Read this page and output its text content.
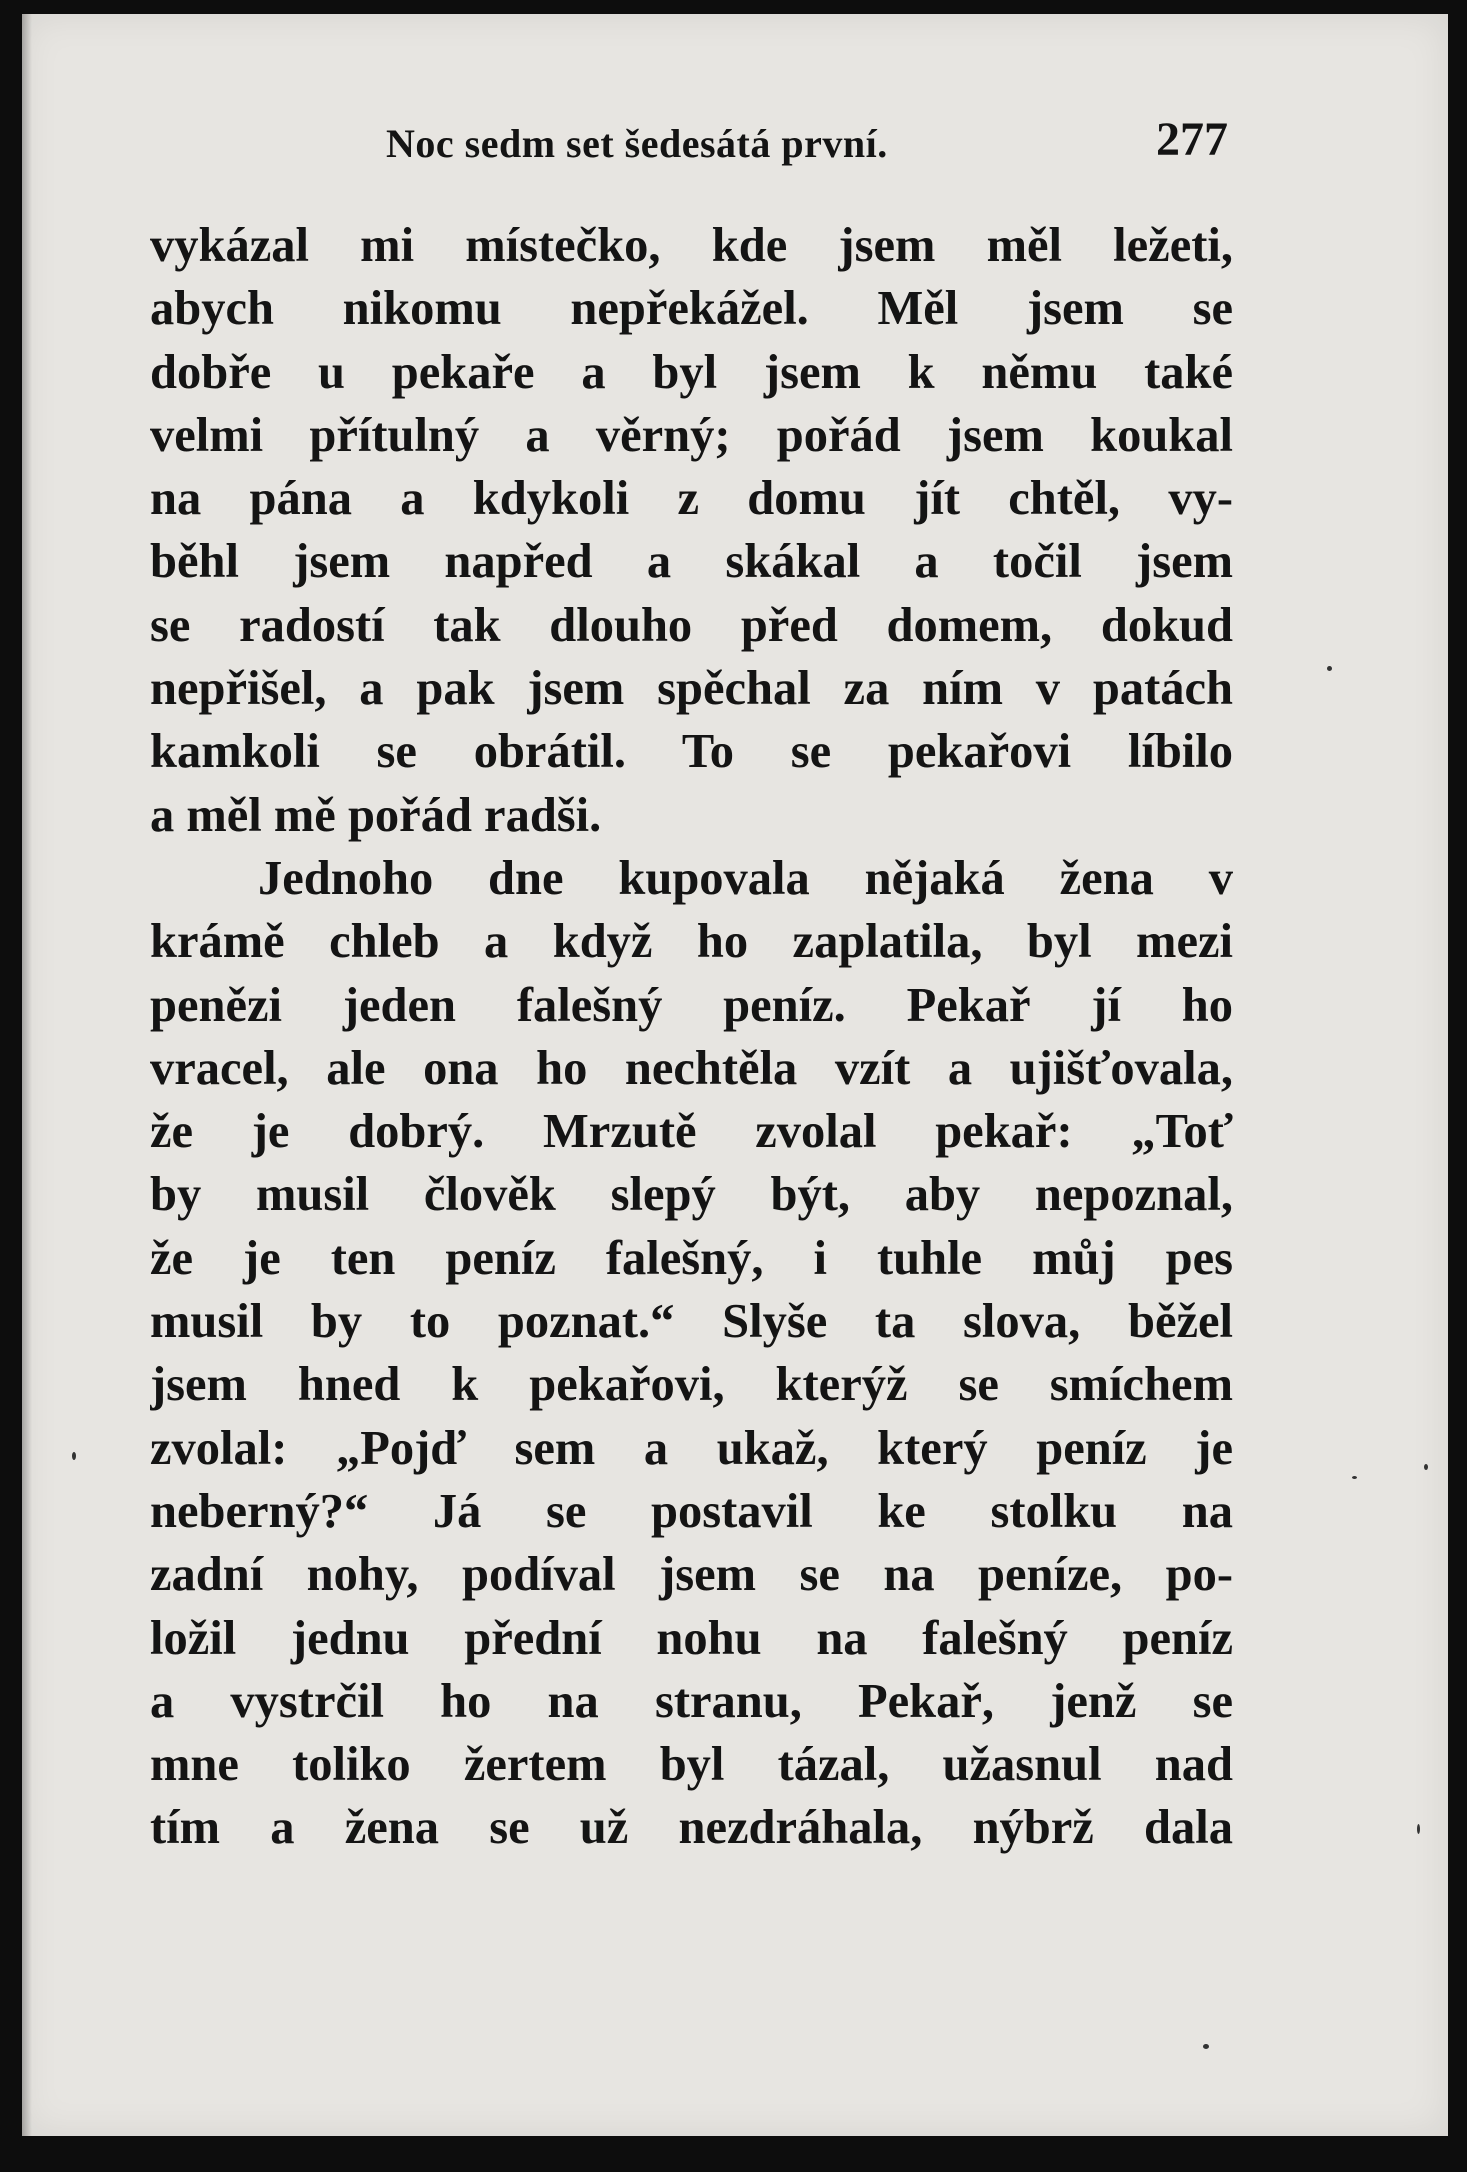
Noc sedm set šedesátá první.	277
vykázal mi místečko, kde jsem měl ležeti,
abych nikomu nepřekážel. Měl jsem se
dobře u pekaře a byl jsem k němu také
velmi přítulný a věrný; pořád jsem koukal
na pána a kdykoli z domu jít chtěl, vy-
běhl jsem napřed a skákal a točil jsem
se radostí tak dlouho před domem, dokud
nepřišel, a pak jsem spěchal za ním v patách
kamkoli se obrátil. To se pekařovi líbilo
a měl mě pořád radši.
Jednoho dne kupovala nějaká žena v
krámě chleb a když ho zaplatila, byl mezi
penězi jeden falešný peníz. Pekař jí ho
vracel, ale ona ho nechtěla vzít a ujišťovala,
že je dobrý. Mrzutě zvolal pekař: „Toť
by musil člověk slepý být, aby nepoznal,
že je ten peníz falešný, i tuhle můj pes
musil by to poznat.“ Slyše ta slova, běžel
jsem hned k pekařovi, kterýž se smíchem
zvolal: „Pojď sem a ukaž, který peníz je
neberný?“ Já se postavil ke stolku na
zadní nohy, podíval jsem se na peníze, po-
ložil jednu přední nohu na falešný peníz
a vystrčil ho na stranu, Pekař, jenž se
mne toliko žertem byl tázal, užasnul nad
tím a žena se už nezdráhala, nýbrž dala
